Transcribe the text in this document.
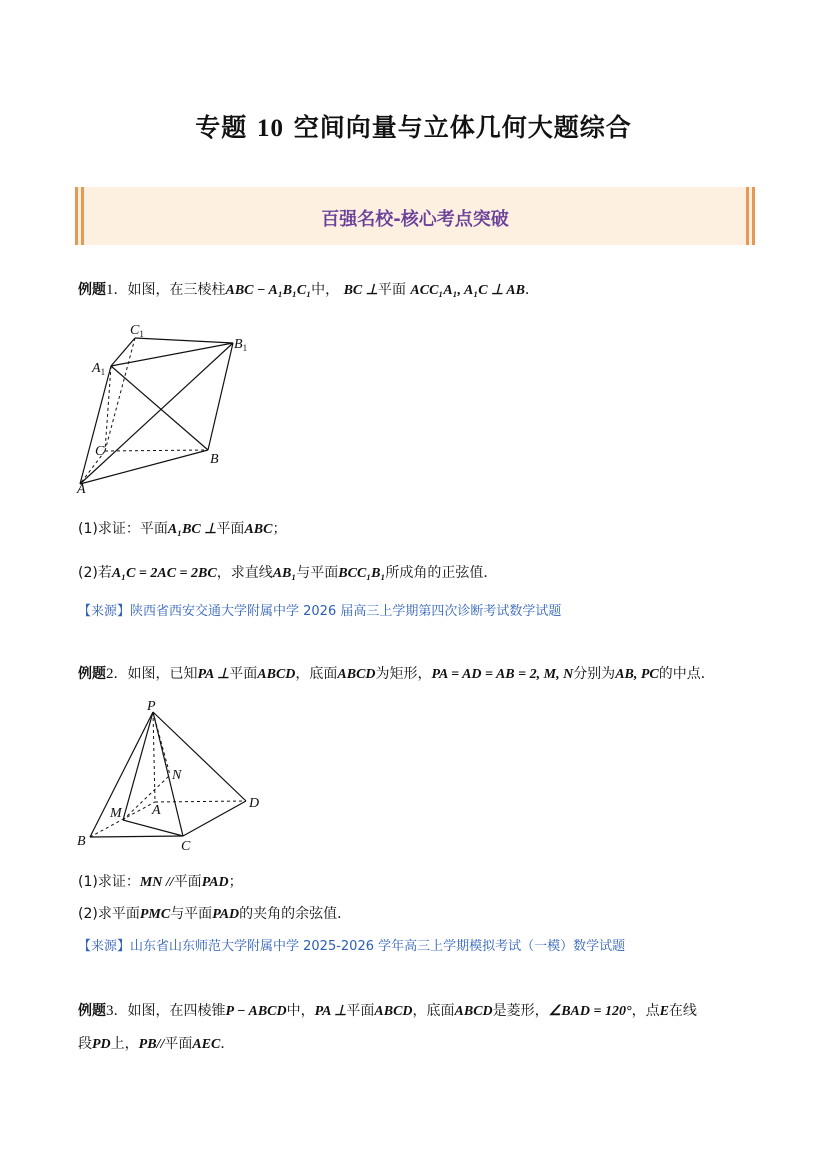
专题 10 空间向量与立体几何大题综合
百强名校-核心考点突破
例题1．如图，在三棱柱ABC − A₁B₁C₁中， BC ⊥平面 ACC₁A₁, A₁C ⊥ AB．
$C_1$
$B_1$
$A_1$
C
B
A
(1)求证：平面A₁BC ⊥平面ABC；
(2)若A₁C = 2AC = 2BC，求直线AB₁与平面BCC₁B₁所成角的正弦值．
【来源】陕西省西安交通大学附属中学 2026 届高三上学期第四次诊断考试数学试题
例题2．如图，已知PA ⊥平面ABCD，底面ABCD为矩形，PA = AD = AB = 2, M, N分别为AB, PC的中点．
P
N
M A	D
B	C
(1)求证：MN //平面PAD；
(2)求平面PMC与平面PAD的夹角的余弦值．
【来源】山东省山东师范大学附属中学 2025-2026 学年高三上学期模拟考试（一模）数学试题
例题3．如图，在四棱锥P − ABCD中，PA ⊥平面ABCD，底面ABCD是菱形，∠BAD = 120°，点E在线
段PD上，PB//平面AEC．
